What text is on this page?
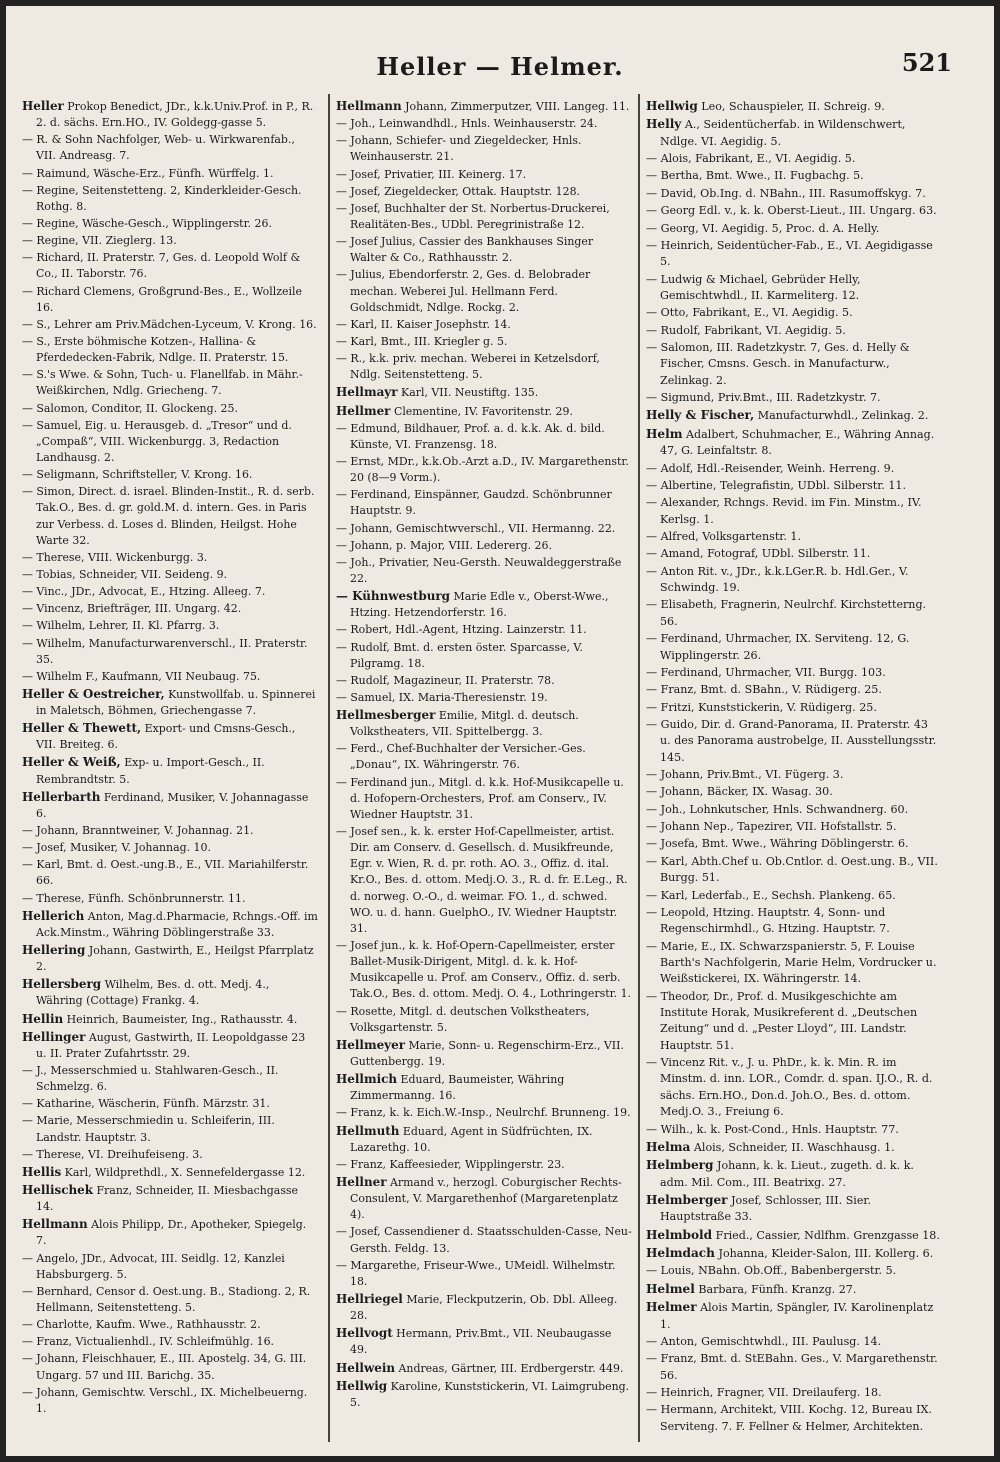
Heller — Helmer.	521

Heller Prokop Benedict, JDr., k.k.Univ.Prof. in P., R. 2. d. sächs. Ern.HO., IV. Goldegg-gasse 5.

— R. & Sohn Nachfolger, Web- u. Wirkwarenfab., VII. Andreasg. 7.

— Raimund, Wäsche-Erz., Fünfh. Würffelg. 1.

— Regine, Seitenstetteng. 2, Kinderkleider-Gesch. Rothg. 8.

— Regine, Wäsche-Gesch., Wipplingerstr. 26.

— Regine, VII. Zieglerg. 13.

— Richard, II. Praterstr. 7, Ges. d. Leopold Wolf & Co., II. Taborstr. 76.

— Richard Clemens, Großgrund-Bes., E., Wollzeile 16.

— S., Lehrer am Priv.Mädchen-Lyceum, V. Krong. 16.

— S., Erste böhmische Kotzen-, Hallina- & Pferdedecken-Fabrik, Ndlge. II. Praterstr. 15.

— S.'s Wwe. & Sohn, Tuch- u. Flanellfab. in Mähr.-Weißkirchen, Ndlg. Griecheng. 7.

— Salomon, Conditor, II. Glockeng. 25.

— Samuel, Eig. u. Herausgeb. d. „Tresor“ und d. „Compaß“, VIII. Wickenburgg. 3, Redaction Landhausg. 2.

— Seligmann, Schriftsteller, V. Krong. 16.

— Simon, Direct. d. israel. Blinden-Instit., R. d. serb. Tak.O., Bes. d. gr. gold.M. d. intern. Ges. in Paris zur Verbess. d. Loses d. Blinden, Heilgst. Hohe Warte 32.

— Therese, VIII. Wickenburgg. 3.

— Tobias, Schneider, VII. Seideng. 9.

— Vinc., JDr., Advocat, E., Htzing. Alleeg. 7.

— Vincenz, Briefträger, III. Ungarg. 42.

— Wilhelm, Lehrer, II. Kl. Pfarrg. 3.

— Wilhelm, Manufacturwarenverschl., II. Praterstr. 35.

— Wilhelm F., Kaufmann, VII Neubaug. 75.

Heller & Oestreicher, Kunstwollfab. u. Spinnerei in Maletsch, Böhmen, Griechengasse 7.

Heller & Thewett, Export- und Cmsns-Gesch., VII. Breiteg. 6.

Heller & Weiß, Exp- u. Import-Gesch., II. Rembrandtstr. 5.

Hellerbarth Ferdinand, Musiker, V. Johannagasse 6.

— Johann, Branntweiner, V. Johannag. 21.

— Josef, Musiker, V. Johannag. 10.

— Karl, Bmt. d. Oest.-ung.B., E., VII. Mariahilferstr. 66.

— Therese, Fünfh. Schönbrunnerstr. 11.

Hellerich Anton, Mag.d.Pharmacie, Rchngs.-Off. im Ack.Minstm., Währing Döblingerstraße 33.

Hellering Johann, Gastwirth, E., Heilgst Pfarrplatz 2.

Hellersberg Wilhelm, Bes. d. ott. Medj. 4., Währing (Cottage) Frankg. 4.

Hellin Heinrich, Baumeister, Ing., Rathausstr. 4.

Hellinger August, Gastwirth, II. Leopoldgasse 23 u. II. Prater Zufahrtsstr. 29.

— J., Messerschmied u. Stahlwaren-Gesch., II. Schmelzg. 6.

— Katharine, Wäscherin, Fünfh. Märzstr. 31.

— Marie, Messerschmiedin u. Schleiferin, III. Landstr. Hauptstr. 3.

— Therese, VI. Dreihufeiseng. 3.

Hellis Karl, Wildprethdl., X. Sennefeldergasse 12.

Hellischek Franz, Schneider, II. Miesbachgasse 14.

Hellmann Alois Philipp, Dr., Apotheker, Spiegelg. 7.

— Angelo, JDr., Advocat, III. Seidlg. 12, Kanzlei Habsburgerg. 5.

— Bernhard, Censor d. Oest.ung. B., Stadiong. 2, R. Hellmann, Seitenstetteng. 5.

— Charlotte, Kaufm. Wwe., Rathhausstr. 2.

— Franz, Victualienhdl., IV. Schleifmühlg. 16.

— Johann, Fleischhauer, E., III. Apostelg. 34, G. III. Ungarg. 57 und III. Barichg. 35.

— Johann, Gemischtw. Verschl., IX. Michelbeuerng. 1.

Hellmann Johann, Zimmerputzer, VIII. Langeg. 11.

— Joh., Leinwandhdl., Hnls. Weinhauserstr. 24.

— Johann, Schiefer- und Ziegeldecker, Hnls. Weinhauserstr. 21.

— Josef, Privatier, III. Keinerg. 17.

— Josef, Ziegeldecker, Ottak. Hauptstr. 128.

— Josef, Buchhalter der St. Norbertus-Druckerei, Realitäten-Bes., UDbl. Peregrinistraße 12.

— Josef Julius, Cassier des Bankhauses Singer Walter & Co., Rathhausstr. 2.

— Julius, Ebendorferstr. 2, Ges. d. Belobrader mechan. Weberei Jul. Hellmann Ferd. Goldschmidt, Ndlge. Rockg. 2.

— Karl, II. Kaiser Josephstr. 14.

— Karl, Bmt., III. Kriegler g. 5.

— R., k.k. priv. mechan. Weberei in Ketzelsdorf, Ndlg. Seitenstetteng. 5.

Hellmayr Karl, VII. Neustiftg. 135.

Hellmer Clementine, IV. Favoritenstr. 29.

— Edmund, Bildhauer, Prof. a. d. k.k. Ak. d. bild. Künste, VI. Franzensg. 18.

— Ernst, MDr., k.k.Ob.-Arzt a.D., IV. Margarethenstr. 20 (8—9 Vorm.).

— Ferdinand, Einspänner, Gaudzd. Schönbrunner Hauptstr. 9.

— Johann, Gemischtwverschl., VII. Hermanng. 22.

— Johann, p. Major, VIII. Ledererg. 26.

— Joh., Privatier, Neu-Gersth. Neuwaldeggerstraße 22.

— Kühnwestburg Marie Edle v., Oberst-Wwe., Htzing. Hetzendorferstr. 16.

— Robert, Hdl.-Agent, Htzing. Lainzerstr. 11.

— Rudolf, Bmt. d. ersten öster. Sparcasse, V. Pilgramg. 18.

— Rudolf, Magazineur, II. Praterstr. 78.

— Samuel, IX. Maria-Theresienstr. 19.

Hellmesberger Emilie, Mitgl. d. deutsch. Volkstheaters, VII. Spittelbergg. 3.

— Ferd., Chef-Buchhalter der Versicher.-Ges. „Donau“, IX. Währingerstr. 76.

— Ferdinand jun., Mitgl. d. k.k. Hof-Musikcapelle u. d. Hofopern-Orchesters, Prof. am Conserv., IV. Wiedner Hauptstr. 31.

— Josef sen., k. k. erster Hof-Capellmeister, artist. Dir. am Conserv. d. Gesellsch. d. Musikfreunde, Egr. v. Wien, R. d. pr. roth. AO. 3., Offiz. d. ital. Kr.O., Bes. d. ottom. Medj.O. 3., R. d. fr. E.Leg., R. d. norweg. O.-O., d. weimar. FO. 1., d. schwed. WO. u. d. hann. GuelphO., IV. Wiedner Hauptstr. 31.

— Josef jun., k. k. Hof-Opern-Capellmeister, erster Ballet-Musik-Dirigent, Mitgl. d. k. k. Hof-Musikcapelle u. Prof. am Conserv., Offiz. d. serb. Tak.O., Bes. d. ottom. Medj. O. 4., Lothringerstr. 1.

— Rosette, Mitgl. d. deutschen Volkstheaters, Volksgartenstr. 5.

Hellmeyer Marie, Sonn- u. Regenschirm-Erz., VII. Guttenbergg. 19.

Hellmich Eduard, Baumeister, Währing Zimmermanng. 16.

— Franz, k. k. Eich.W.-Insp., Neulrchf. Brunneng. 19.

Hellmuth Eduard, Agent in Südfrüchten, IX. Lazarethg. 10.

— Franz, Kaffeesieder, Wipplingerstr. 23.

Hellner Armand v., herzogl. Coburgischer Rechts-Consulent, V. Margarethenhof (Margaretenplatz 4).

— Josef, Cassendiener d. Staatsschulden-Casse, Neu-Gersth. Feldg. 13.

— Margarethe, Friseur-Wwe., UMeidl. Wilhelmstr. 18.

Hellriegel Marie, Fleckputzerin, Ob. Dbl. Alleeg. 28.

Hellvogt Hermann, Priv.Bmt., VII. Neubaugasse 49.

Hellwein Andreas, Gärtner, III. Erdbergerstr. 449.

Hellwig Karoline, Kunststickerin, VI. Laimgrubeng. 5.

Hellwig Leo, Schauspieler, II. Schreig. 9.

Helly A., Seidentücherfab. in Wildenschwert, Ndlge. VI. Aegidig. 5.

— Alois, Fabrikant, E., VI. Aegidig. 5.

— Bertha, Bmt. Wwe., II. Fugbachg. 5.

— David, Ob.Ing. d. NBahn., III. Rasumoffskyg. 7.

— Georg Edl. v., k. k. Oberst-Lieut., III. Ungarg. 63.

— Georg, VI. Aegidig. 5, Proc. d. A. Helly.

— Heinrich, Seidentücher-Fab., E., VI. Aegidigasse 5.

— Ludwig & Michael, Gebrüder Helly, Gemischtwhdl., II. Karmeliterg. 12.

— Otto, Fabrikant, E., VI. Aegidig. 5.

— Rudolf, Fabrikant, VI. Aegidig. 5.

— Salomon, III. Radetzkystr. 7, Ges. d. Helly & Fischer, Cmsns. Gesch. in Manufacturw., Zelinkag. 2.

— Sigmund, Priv.Bmt., III. Radetzkystr. 7.

Helly & Fischer, Manufacturwhdl., Zelinkag. 2.

Helm Adalbert, Schuhmacher, E., Währing Annag. 47, G. Leinfaltstr. 8.

— Adolf, Hdl.-Reisender, Weinh. Herreng. 9.

— Albertine, Telegrafistin, UDbl. Silberstr. 11.

— Alexander, Rchngs. Revid. im Fin. Minstm., IV. Kerlsg. 1.

— Alfred, Volksgartenstr. 1.

— Amand, Fotograf, UDbl. Silberstr. 11.

— Anton Rit. v., JDr., k.k.LGer.R. b. Hdl.Ger., V. Schwindg. 19.

— Elisabeth, Fragnerin, Neulrchf. Kirchstetterng. 56.

— Ferdinand, Uhrmacher, IX. Serviteng. 12, G. Wipplingerstr. 26.

— Ferdinand, Uhrmacher, VII. Burgg. 103.

— Franz, Bmt. d. SBahn., V. Rüdigerg. 25.

— Fritzi, Kunststickerin, V. Rüdigerg. 25.

— Guido, Dir. d. Grand-Panorama, II. Praterstr. 43 u. des Panorama austrobelge, II. Ausstellungsstr. 145.

— Johann, Priv.Bmt., VI. Fügerg. 3.

— Johann, Bäcker, IX. Wasag. 30.

— Joh., Lohnkutscher, Hnls. Schwandnerg. 60.

— Johann Nep., Tapezirer, VII. Hofstallstr. 5.

— Josefa, Bmt. Wwe., Währing Döblingerstr. 6.

— Karl, Abth.Chef u. Ob.Cntlor. d. Oest.ung. B., VII. Burgg. 51.

— Karl, Lederfab., E., Sechsh. Plankeng. 65.

— Leopold, Htzing. Hauptstr. 4, Sonn- und Regenschirmhdl., G. Htzing. Hauptstr. 7.

— Marie, E., IX. Schwarzspanierstr. 5, F. Louise Barth's Nachfolgerin, Marie Helm, Vordrucker u. Weißstickerei, IX. Währingerstr. 14.

— Theodor, Dr., Prof. d. Musikgeschichte am Institute Horak, Musikreferent d. „Deutschen Zeitung“ und d. „Pester Lloyd“, III. Landstr. Hauptstr. 51.

— Vincenz Rit. v., J. u. PhDr., k. k. Min. R. im Minstm. d. inn. LOR., Comdr. d. span. IJ.O., R. d. sächs. Ern.HO., Don.d. Joh.O., Bes. d. ottom. Medj.O. 3., Freiung 6.

— Wilh., k. k. Post-Cond., Hnls. Hauptstr. 77.

Helma Alois, Schneider, II. Waschhausg. 1.

Helmberg Johann, k. k. Lieut., zugeth. d. k. k. adm. Mil. Com., III. Beatrixg. 27.

Helmberger Josef, Schlosser, III. Sier. Hauptstraße 33.

Helmbold Fried., Cassier, Ndlfhm. Grenzgasse 18.

Helmdach Johanna, Kleider-Salon, III. Kollerg. 6.

— Louis, NBahn. Ob.Off., Babenbergerstr. 5.

Helmel Barbara, Fünfh. Kranzg. 27.

Helmer Alois Martin, Spängler, IV. Karolinenplatz 1.

— Anton, Gemischtwhdl., III. Paulusg. 14.

— Franz, Bmt. d. StEBahn. Ges., V. Margarethenstr. 56.

— Heinrich, Fragner, VII. Dreilauferg. 18.

— Hermann, Architekt, VIII. Kochg. 12, Bureau IX. Serviteng. 7. F. Fellner & Helmer, Architekten.
